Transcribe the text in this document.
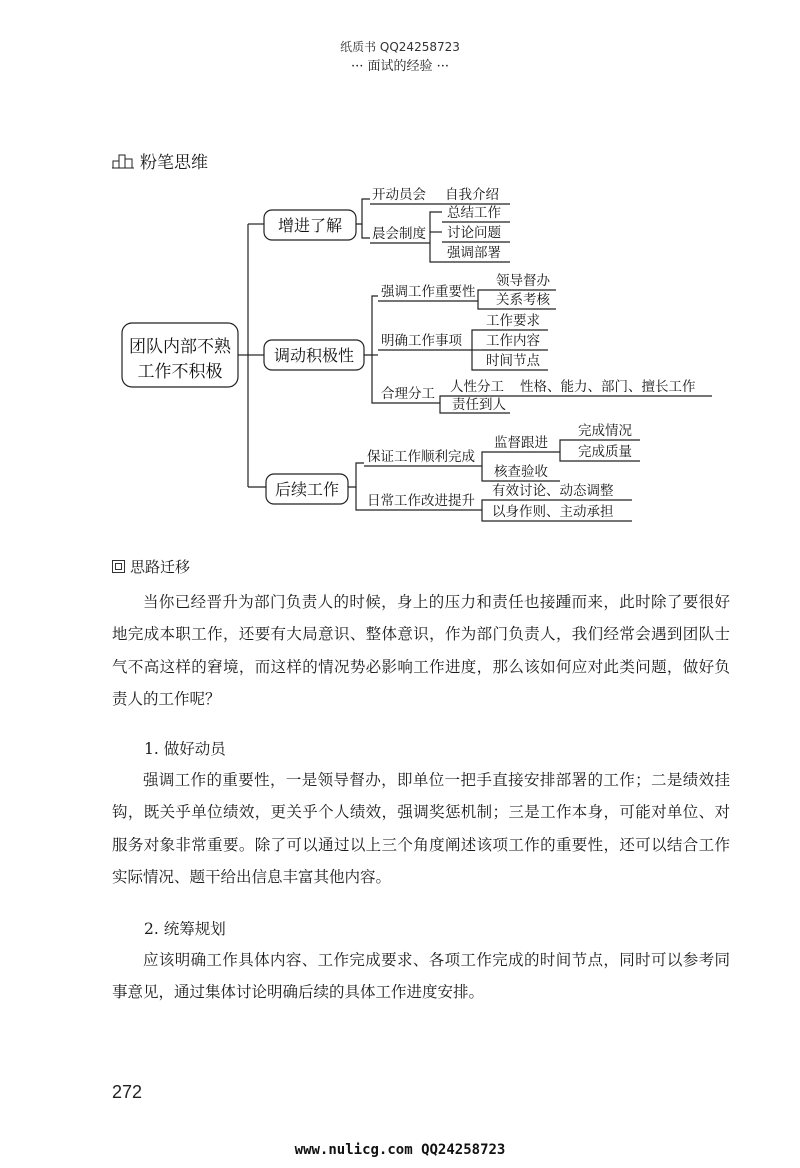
纸质书 QQ24258723
··· 面试的经验 ···
粉笔思维
团队内部不熟
工作不积极
增进了解
调动积极性
后续工作
开动员会 自我介绍
晨会制度
总结工作
讨论问题
强调部署
强调工作重要性
领导督办
关系考核
明确工作事项
工作要求
工作内容
时间节点
合理分工 人性分工 性格、能力、部门、擅长工作
责任到人
保证工作顺利完成
监督跟进
核查验收
完成情况
完成质量
日常工作改进提升
有效讨论、动态调整
以身作则、主动承担
思路迁移

当你已经晋升为部门负责人的时候，身上的压力和责任也接踵而来，此时除了要很好地完成本职工作，还要有大局意识、整体意识，作为部门负责人，我们经常会遇到团队士气不高这样的窘境，而这样的情况势必影响工作进度，那么该如何应对此类问题，做好负责人的工作呢？

1. 做好动员

强调工作的重要性，一是领导督办，即单位一把手直接安排部署的工作；二是绩效挂钩，既关乎单位绩效，更关乎个人绩效，强调奖惩机制；三是工作本身，可能对单位、对服务对象非常重要。除了可以通过以上三个角度阐述该项工作的重要性，还可以结合工作实际情况、题干给出信息丰富其他内容。

2. 统筹规划

应该明确工作具体内容、工作完成要求、各项工作完成的时间节点，同时可以参考同事意见，通过集体讨论明确后续的具体工作进度安排。

272
www.nulicg.com QQ24258723
